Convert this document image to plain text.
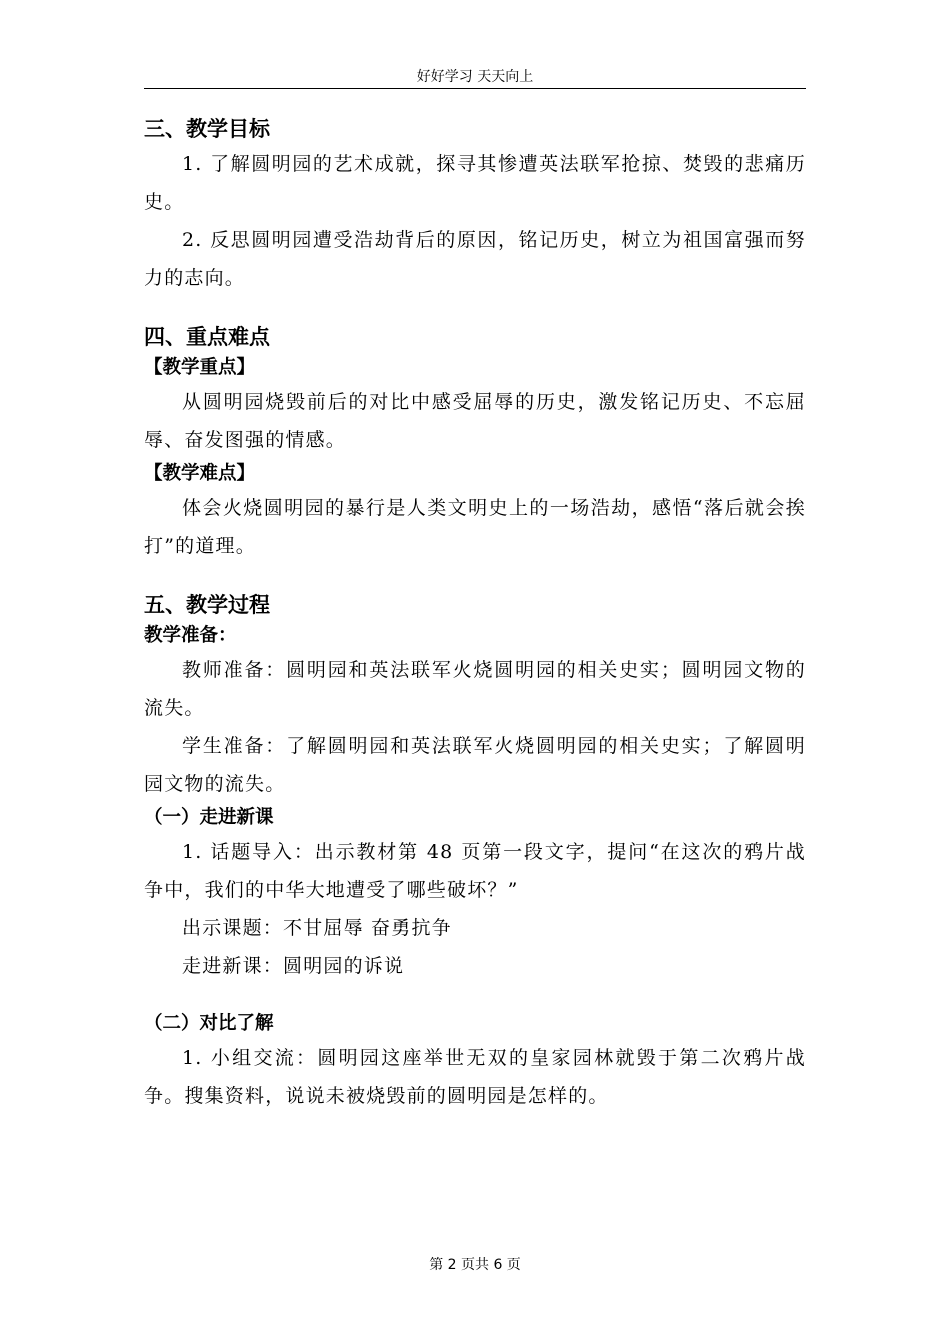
好好学习 天天向上
三、教学目标

1. 了解圆明园的艺术成就，探寻其惨遭英法联军抢掠、焚毁的悲痛历史。

2. 反思圆明园遭受浩劫背后的原因，铭记历史，树立为祖国富强而努力的志向。

四、重点难点
【教学重点】

从圆明园烧毁前后的对比中感受屈辱的历史，激发铭记历史、不忘屈辱、奋发图强的情感。

【教学难点】

体会火烧圆明园的暴行是人类文明史上的一场浩劫，感悟“落后就会挨打”的道理。

五、教学过程
教学准备：

教师准备：圆明园和英法联军火烧圆明园的相关史实；圆明园文物的流失。

学生准备：了解圆明园和英法联军火烧圆明园的相关史实；了解圆明园文物的流失。

（一）走进新课

1. 话题导入：出示教材第 48 页第一段文字，提问“在这次的鸦片战争中，我们的中华大地遭受了哪些破坏？”

出示课题：不甘屈辱 奋勇抗争

走进新课：圆明园的诉说

（二）对比了解

1. 小组交流：圆明园这座举世无双的皇家园林就毁于第二次鸦片战争。搜集资料，说说未被烧毁前的圆明园是怎样的。

第 2 页共 6 页
